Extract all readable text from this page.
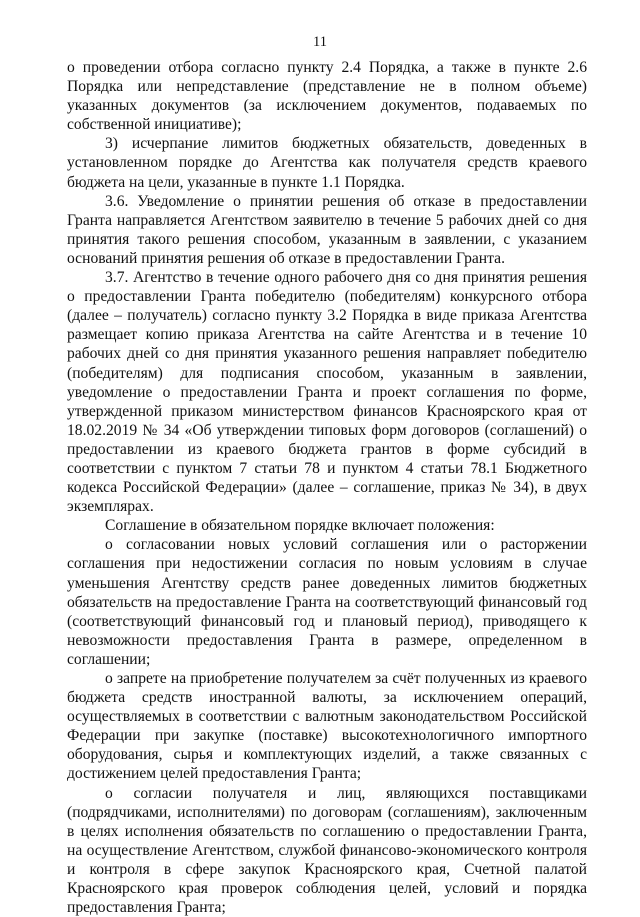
11

о проведении отбора согласно пункту 2.4 Порядка, а также в пункте 2.6 Порядка или непредставление (представление не в полном объеме) указанных документов (за исключением документов, подаваемых по собственной инициативе);

3) исчерпание лимитов бюджетных обязательств, доведенных в установленном порядке до Агентства как получателя средств краевого бюджета на цели, указанные в пункте 1.1 Порядка.

3.6. Уведомление о принятии решения об отказе в предоставлении Гранта направляется Агентством заявителю в течение 5 рабочих дней со дня принятия такого решения способом, указанным в заявлении, с указанием оснований принятия решения об отказе в предоставлении Гранта.

3.7. Агентство в течение одного рабочего дня со дня принятия решения о предоставлении Гранта победителю (победителям) конкурсного отбора (далее – получатель) согласно пункту 3.2 Порядка в виде приказа Агентства размещает копию приказа Агентства на сайте Агентства и в течение 10 рабочих дней со дня принятия указанного решения направляет победителю (победителям) для подписания способом, указанным в заявлении, уведомление о предоставлении Гранта и проект соглашения по форме, утвержденной приказом министерством финансов Красноярского края от 18.02.2019 № 34 «Об утверждении типовых форм договоров (соглашений) о предоставлении из краевого бюджета грантов в форме субсидий в соответствии с пунктом 7 статьи 78 и пунктом 4 статьи 78.1 Бюджетного кодекса Российской Федерации» (далее – соглашение, приказ № 34), в двух экземплярах.

Соглашение в обязательном порядке включает положения:

о согласовании новых условий соглашения или о расторжении соглашения при недостижении согласия по новым условиям в случае уменьшения Агентству средств ранее доведенных лимитов бюджетных обязательств на предоставление Гранта на соответствующий финансовый год (соответствующий финансовый год и плановый период), приводящего к невозможности предоставления Гранта в размере, определенном в соглашении;

о запрете на приобретение получателем за счёт полученных из краевого бюджета средств иностранной валюты, за исключением операций, осуществляемых в соответствии с валютным законодательством Российской Федерации при закупке (поставке) высокотехнологичного импортного оборудования, сырья и комплектующих изделий, а также связанных с достижением целей предоставления Гранта;

о согласии получателя и лиц, являющихся поставщиками (подрядчиками, исполнителями) по договорам (соглашениям), заключенным в целях исполнения обязательств по соглашению о предоставлении Гранта, на осуществление Агентством, службой финансово-экономического контроля и контроля в сфере закупок Красноярского края, Счетной палатой Красноярского края проверок соблюдения целей, условий и порядка предоставления Гранта;
